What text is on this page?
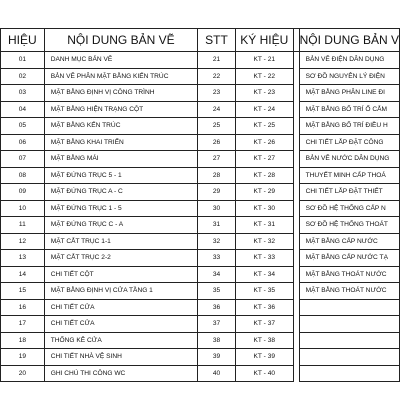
HIỆU	NỘI DUNG BẢN VẼ	STT	KÝ HIỆU		NỘI DUNG BẢN V
01	DANH MỤC BẢN VẼ	21	KT - 21		BẢN VẼ ĐIỆN DÂN DỤNG
02	BẢN VẼ PHÂN MẶT BẰNG KIẾN TRÚC	22	KT - 22		SƠ ĐỒ NGUYÊN LÝ ĐIỆN
03	MẶT BẰNG ĐỊNH VỊ CÔNG TRÌNH	23	KT - 23		MẶT BẰNG PHÂN LINE ĐI
04	MẶT BẰNG HIỆN TRẠNG CỘT	24	KT - 24		MẶT BẰNG BỐ TRÍ Ổ CẮM
05	MẶT BẰNG KẾN TRÚC	25	KT - 25		MẶT BẰNG BỐ TRÍ ĐIỀU H
06	MẶT BẰNG KHAI TRIỂN	26	KT - 26		CHI TIẾT LẮP ĐẶT CÔNG
07	MẶT BẰNG MÁI	27	KT - 27		BẢN VẼ NƯỚC DÂN DỤNG
08	MẶT ĐỨNG TRỤC 5 - 1	28	KT - 28		THUYẾT MINH CẤP THOÁ
09	MẶT ĐỨNG TRỤC A - C	29	KT - 29		CHI TIẾT LẮP ĐẶT THIẾT
10	MẶT ĐỨNG TRỤC 1 - 5	30	KT - 30		SƠ ĐỒ HỆ THỐNG CẤP N
11	MẶT ĐỨNG TRỤC C - A	31	KT - 31		SƠ ĐỒ HỆ THỐNG THOÁT
12	MẶT CẮT TRỤC 1-1	32	KT - 32		MẶT BẰNG CẤP NƯỚC
13	MẶT CẮT TRỤC 2-2	33	KT - 33		MẶT BẰNG CẤP NƯỚC TẠ
14	CHI TIẾT CỘT	34	KT - 34		MẶT BẰNG THOÁT NƯỚC
15	MẶT BẰNG ĐỊNH VỊ CỬA TẦNG 1	35	KT - 35		MẶT BẰNG THOÁT NƯỚC
16	CHI TIẾT CỬA	36	KT - 36		
17	CHI TIẾT CỬA	37	KT - 37		
18	THỐNG KÊ CỬA	38	KT - 38		
19	CHI TIẾT NHÀ VỆ SINH	39	KT - 39		
20	GHI CHÚ THI CÔNG WC	40	KT - 40		
